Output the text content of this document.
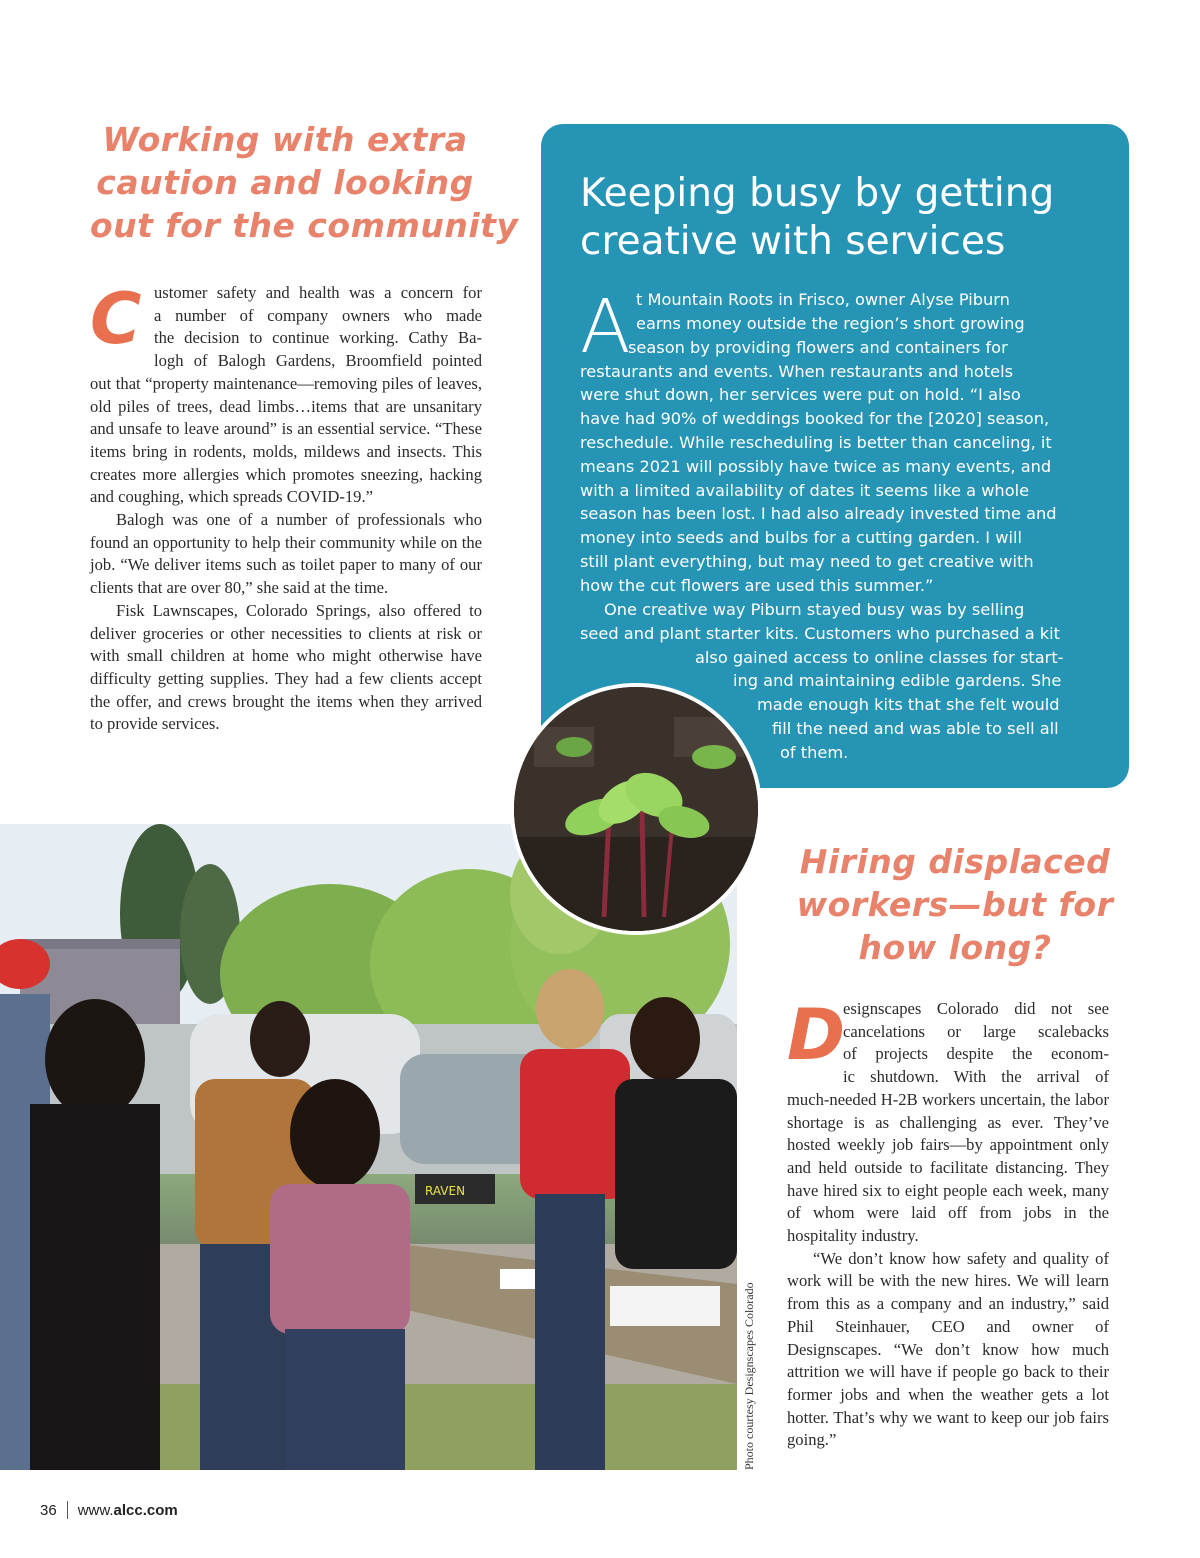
Working with extra
caution and looking
out for the community
C ustomer safety and health was a concern for
a number of company owners who made
the decision to continue working. Cathy Ba-
logh of Balogh Gardens, Broomfield pointed

out that “property maintenance—removing piles of leaves, old piles of trees, dead limbs…items that are unsanitary and unsafe to leave around” is an essential service. “These items bring in rodents, molds, mildews and insects. This creates more allergies which promotes sneezing, hacking and coughing, which spreads COVID-19.”

Balogh was one of a number of professionals who found an opportunity to help their community while on the job. “We deliver items such as toilet paper to many of our clients that are over 80,” she said at the time.

Fisk Lawnscapes, Colorado Springs, also offered to deliver groceries or other necessities to clients at risk or with small children at home who might otherwise have difficulty getting supplies. They had a few clients accept the offer, and crews brought the items when they arrived to provide services.

Keeping busy by getting
creative with services
A t Mountain Roots in Frisco, owner Alyse Piburn
earns money outside the region’s short growing
season by providing flowers and containers for
restaurants and events. When restaurants and hotels
were shut down, her services were put on hold. “I also
have had 90% of weddings booked for the [2020] season,
reschedule. While rescheduling is better than canceling, it
means 2021 will possibly have twice as many events, and
with a limited availability of dates it seems like a whole
season has been lost. I had also already invested time and
money into seeds and bulbs for a cutting garden. I will
still plant everything, but may need to get creative with
how the cut flowers are used this summer.”
One creative way Piburn stayed busy was by selling
seed and plant starter kits. Customers who purchased a kit
also gained access to online classes for start-
ing and maintaining edible gardens. She
made enough kits that she felt would
fill the need and was able to sell all
of them.
RAVEN
Photo courtesy Designscapes Colorado
Hiring displaced
workers—but for
how long?
D

esignscapes Colorado did not see
cancelations or large scalebacks
of projects despite the econom-
ic shutdown. With the arrival of

much-needed H-2B workers uncertain, the labor shortage is as challenging as ever. They’ve hosted weekly job fairs—by appointment only and held outside to facilitate distancing. They have hired six to eight people each week, many of whom were laid off from jobs in the hospitality industry.

“We don’t know how safety and quality of work will be with the new hires. We will learn from this as a company and an industry,” said Phil Steinhauer, CEO and owner of Designscapes. “We don’t know how much attrition we will have if people go back to their former jobs and when the weather gets a lot hotter. That’s why we want to keep our job fairs going.”

36 www.alcc.com
